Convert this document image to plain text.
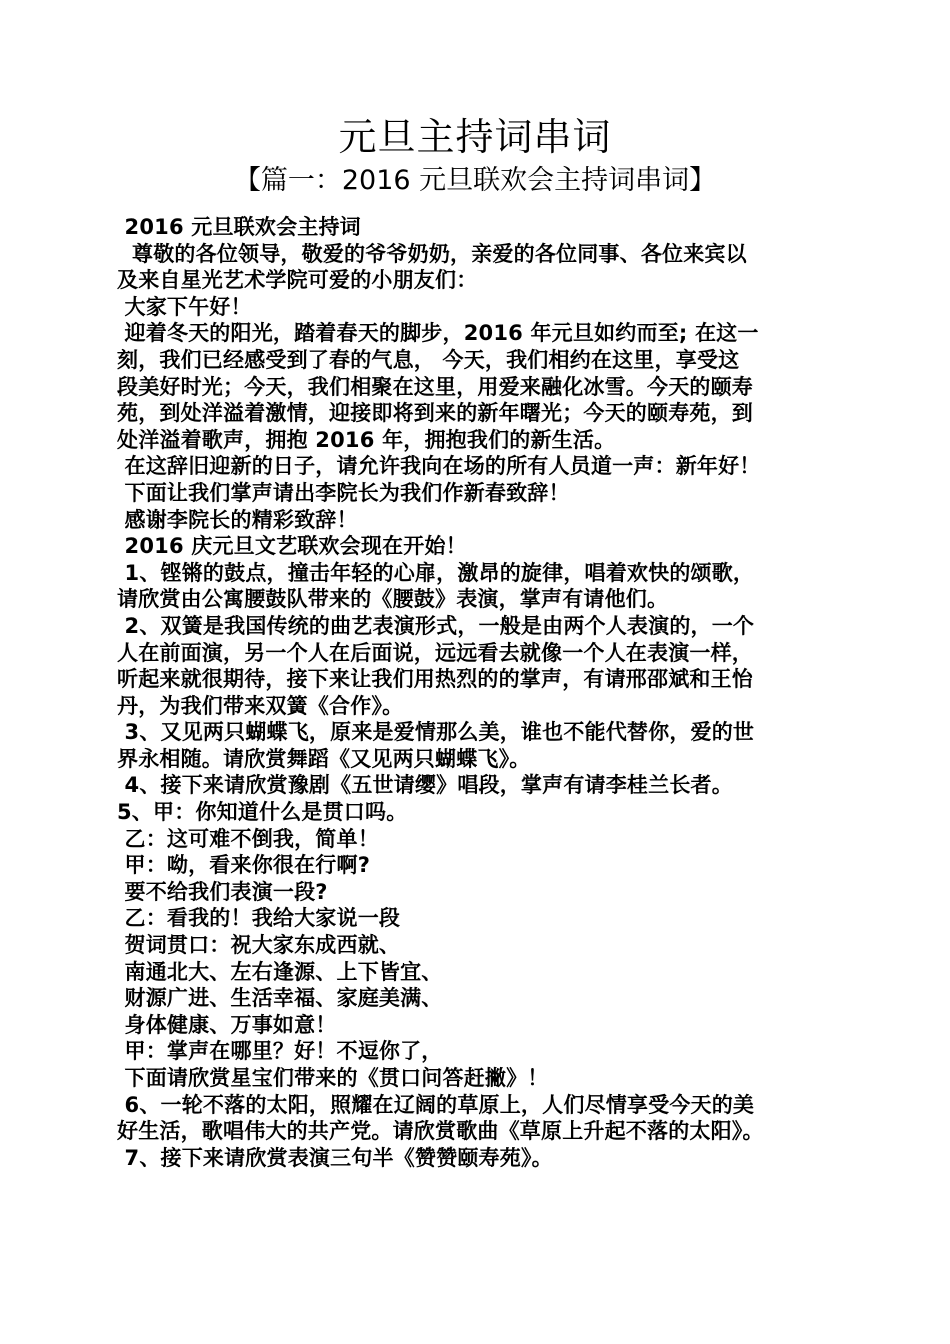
元旦主持词串词
【篇一：2016 元旦联欢会主持词串词】
2016 元旦联欢会主持词
尊敬的各位领导，敬爱的爷爷奶奶，亲爱的各位同事、各位来宾以
及来自星光艺术学院可爱的小朋友们：
大家下午好！
迎着冬天的阳光，踏着春天的脚步，2016 年元旦如约而至; 在这一
刻，我们已经感受到了春的气息， 今天，我们相约在这里，享受这
段美好时光；今天，我们相聚在这里，用爱来融化冰雪。今天的颐寿
苑，到处洋溢着激情，迎接即将到来的新年曙光；今天的颐寿苑，到
处洋溢着歌声，拥抱 2016 年，拥抱我们的新生活。
在这辞旧迎新的日子，请允许我向在场的所有人员道一声：新年好！
下面让我们掌声请出李院长为我们作新春致辞！
感谢李院长的精彩致辞！
2016 庆元旦文艺联欢会现在开始！
1、铿锵的鼓点，撞击年轻的心扉，激昂的旋律，唱着欢快的颂歌，
请欣赏由公寓腰鼓队带来的《腰鼓》表演，掌声有请他们。
2、双簧是我国传统的曲艺表演形式，一般是由两个人表演的，一个
人在前面演，另一个人在后面说，远远看去就像一个人在表演一样，
听起来就很期待，接下来让我们用热烈的的掌声，有请邢邵斌和王怡
丹，为我们带来双簧《合作》。
3、又见两只蝴蝶飞，原来是爱情那么美，谁也不能代替你，爱的世
界永相随。请欣赏舞蹈《又见两只蝴蝶飞》。
4、接下来请欣赏豫剧《五世请缨》唱段，掌声有请李桂兰长者。
5、甲：你知道什么是贯口吗。
乙：这可难不倒我，简单！
甲：呦，看来你很在行啊?
要不给我们表演一段?
乙：看我的！我给大家说一段
贺词贯口：祝大家东成西就、
南通北大、左右逢源、上下皆宜、
财源广进、生活幸福、家庭美满、
身体健康、万事如意！
甲：掌声在哪里？好！不逗你了，
下面请欣赏星宝们带来的《贯口问答赶撇》！
6、一轮不落的太阳，照耀在辽阔的草原上，人们尽情享受今天的美
好生活，歌唱伟大的共产党。请欣赏歌曲《草原上升起不落的太阳》。
7、接下来请欣赏表演三句半《赞赞颐寿苑》。
